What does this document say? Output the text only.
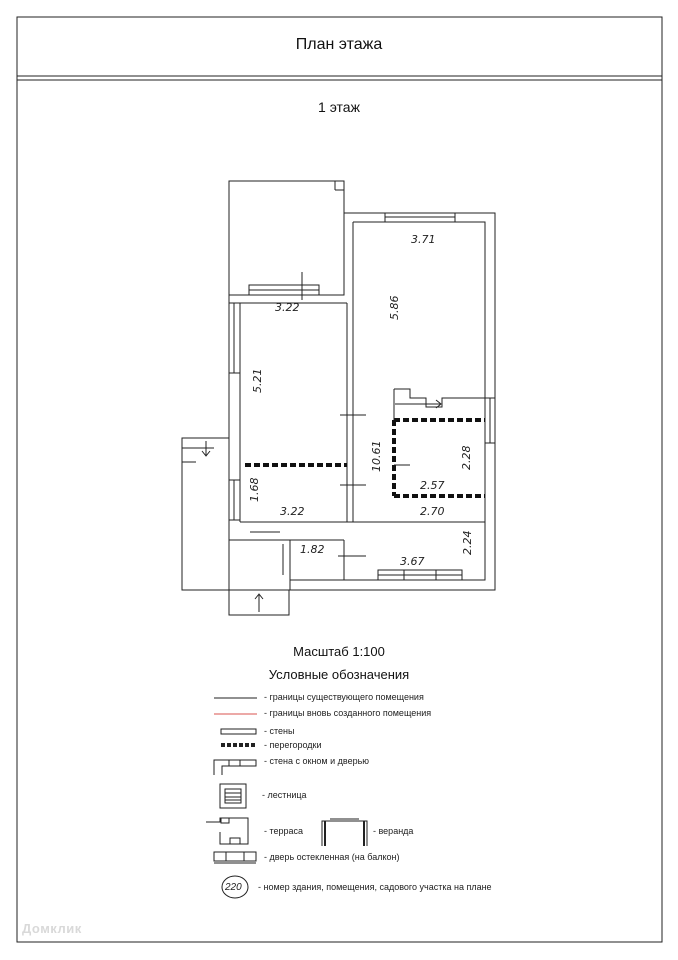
План этажа
1 этаж
3.71
5.86
3.22
5.21
10.61	2.28
2.57
1.68
3.22	2.70
2.24
1.82
3.67
Масштаб 1:100
Условные обозначения
- границы существующего помещения
- границы вновь созданного помещения
- стены
- перегородки
- стена с окном и дверью
- лестница
- терраса	- веранда
- дверь остекленная (на балкон)
220 - номер здания, помещения, садового участка на плане
Домклик
